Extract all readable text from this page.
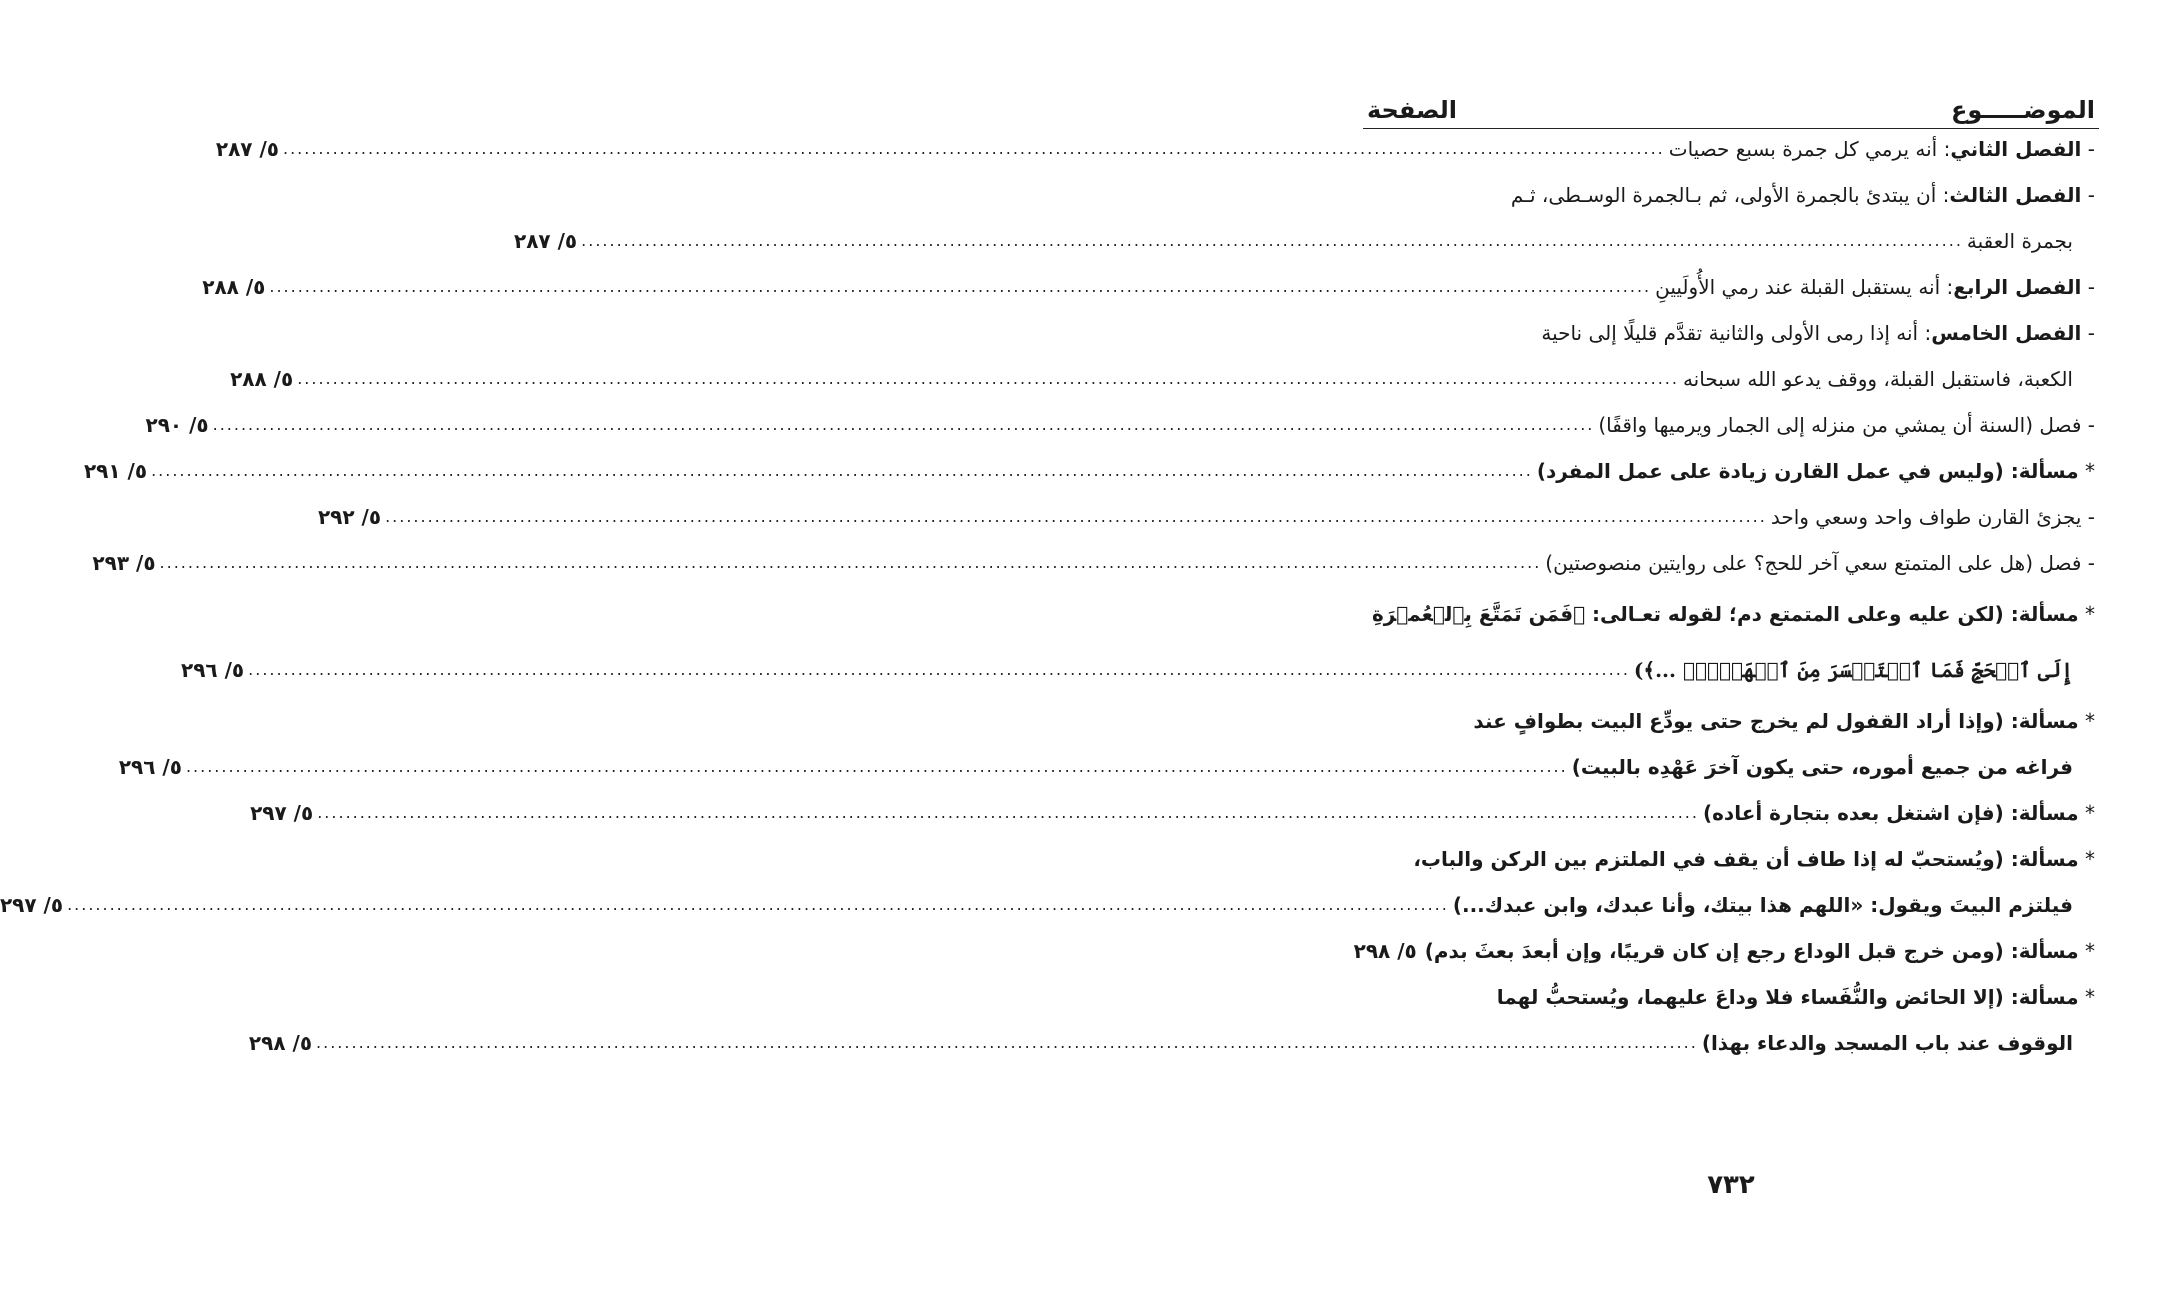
الموضـــــوع
الصفحة
- الفصل الثاني: أنه يرمي كل جمرة بسبع حصيات
.....
٥/ ٢٨٧
- الفصل الثالث: أن يبتدئ بالجمرة الأولى، ثم بـالجمرة الوسـطى، ثـم
بجمرة العقبة
.....
٥/ ٢٨٧
- الفصل الرابع: أنه يستقبل القبلة عند رمي الأُولَيينِ
.....
٥/ ٢٨٨
- الفصل الخامس: أنه إذا رمى الأولى والثانية تقدَّم قليلًا إلى ناحية
الكعبة، فاستقبل القبلة، ووقف يدعو الله سبحانه
.....
٥/ ٢٨٨
- فصل (السنة أن يمشي من منزله إلى الجمار ويرميها واقفًا)
.....
٥/ ٢٩٠
* مسألة: (وليس في عمل القارن زيادة على عمل المفرد)
.....
٥/ ٢٩١
- يجزئ القارن طواف واحد وسعي واحد
.....
٥/ ٢٩٢
- فصل (هل على المتمتع سعي آخر للحج؟ على روايتين منصوصتين)
.....
٥/ ٢٩٣
* مسألة: (لكن عليه وعلى المتمتع دم؛ لقوله تعـالى: ﴿فَمَن تَمَتَّعَ بِٱلۡعُمۡرَةِ
إِلَى ٱلۡحَجِّ فَمَا ٱسۡتَيۡسَرَ مِنَ ٱلۡهَدۡيِۚ ...﴾)
.....
٥/ ٢٩٦
* مسألة: (وإذا أراد القفول لم يخرج حتى يودِّع البيت بطوافٍ عند
فراغه من جميع أموره، حتى يكون آخرَ عَهْدِه بالبيت)
.....
٥/ ٢٩٦
* مسألة: (فإن اشتغل بعده بتجارة أعاده)
.....
٥/ ٢٩٧
* مسألة: (ويُستحبّ له إذا طاف أن يقف في الملتزم بين الركن والباب،
فيلتزم البيتَ ويقول: «اللهم هذا بيتك، وأنا عبدك، وابن عبدك...)
.....
٥/ ٢٩٧
* مسألة: (ومن خرج قبل الوداع رجع إن كان قريبًا، وإن أبعدَ بعثَ بدم)
٥/ ٢٩٨
* مسألة: (إلا الحائض والنُّفَساء فلا وداعَ عليهما، ويُستحبُّ لهما
الوقوف عند باب المسجد والدعاء بهذا)
.....
٥/ ٢٩٨
٧٣٢
